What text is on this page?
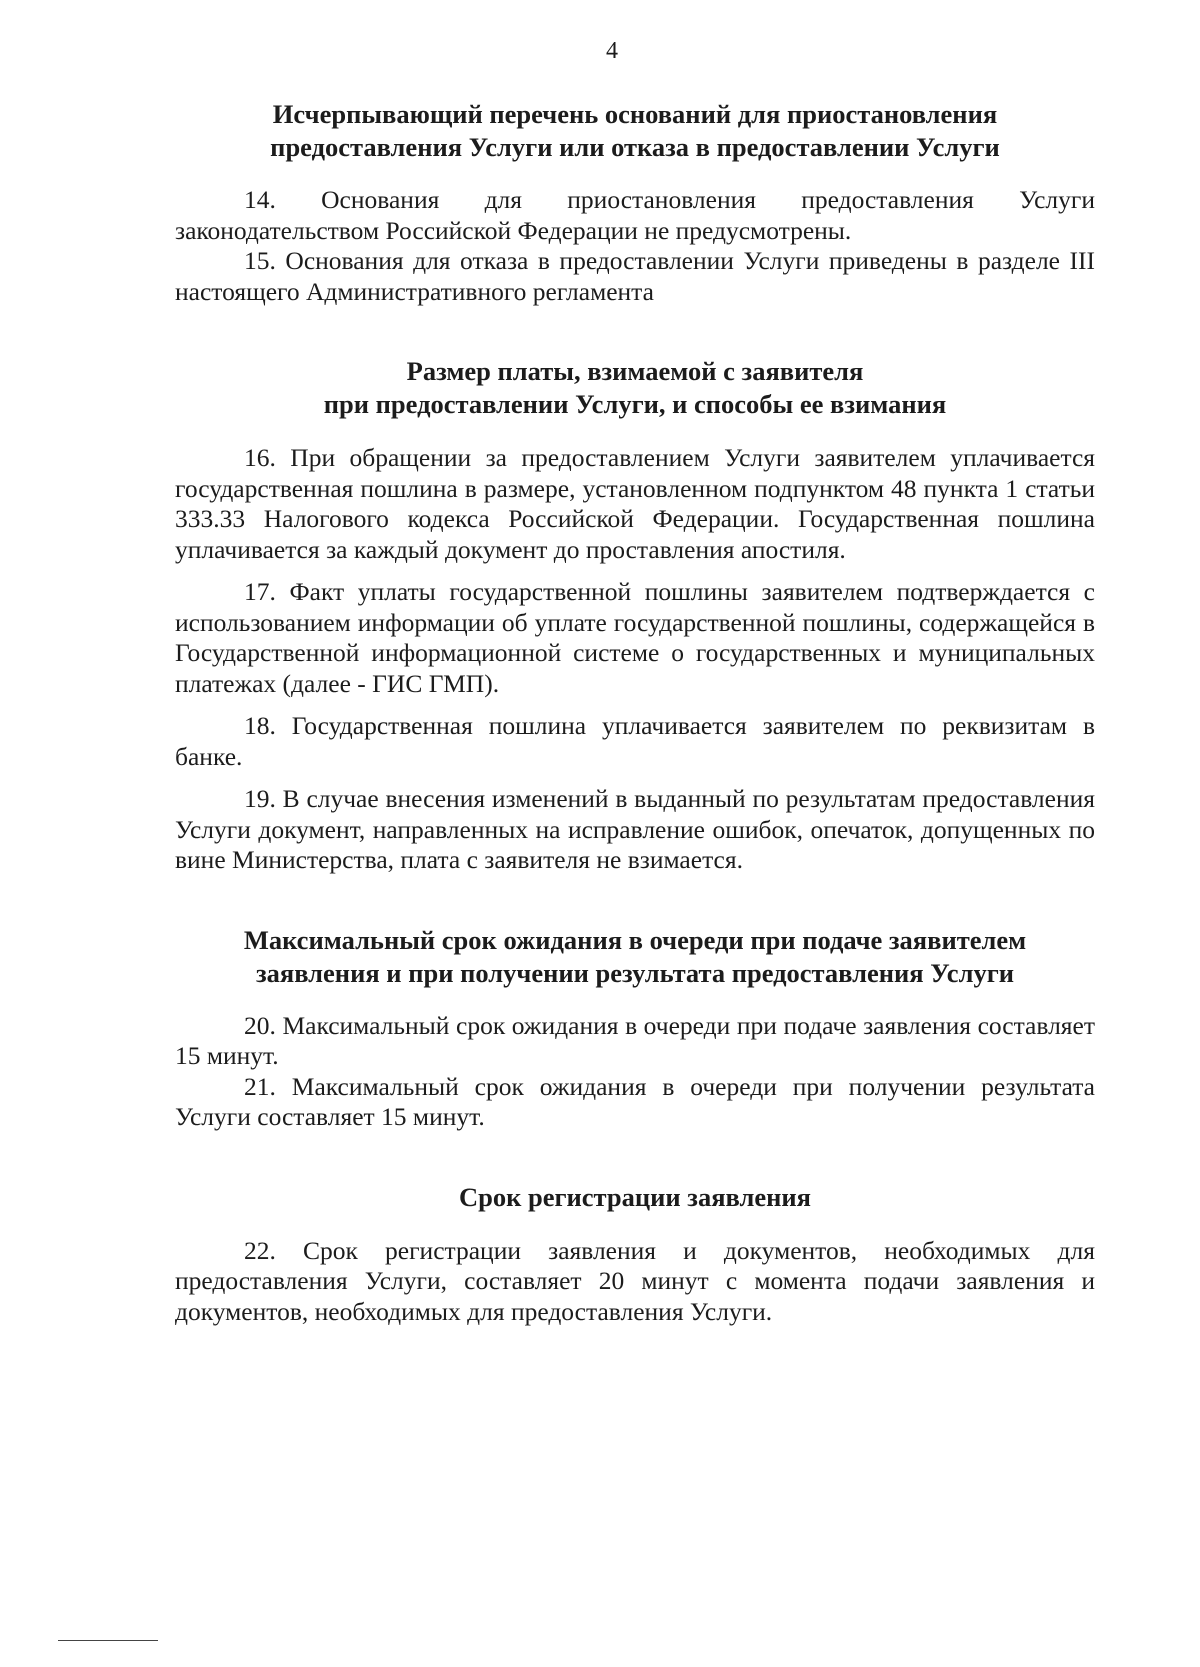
4
Исчерпывающий перечень оснований для приостановления
предоставления Услуги или отказа в предоставлении Услуги

14. Основания для приостановления предоставления Услуги законодательством Российской Федерации не предусмотрены.

15. Основания для отказа в предоставлении Услуги приведены в разделе III настоящего Административного регламента

Размер платы, взимаемой с заявителя
при предоставлении Услуги, и способы ее взимания

16. При обращении за предоставлением Услуги заявителем уплачивается государственная пошлина в размере, установленном подпунктом 48 пункта 1 статьи 333.33 Налогового кодекса Российской Федерации. Государственная пошлина уплачивается за каждый документ до проставления апостиля.

17. Факт уплаты государственной пошлины заявителем подтверждается с использованием информации об уплате государственной пошлины, содержащейся в Государственной информационной системе о государственных и муниципальных платежах (далее - ГИС ГМП).

18. Государственная пошлина уплачивается заявителем по реквизитам в банке.

19. В случае внесения изменений в выданный по результатам предоставления Услуги документ, направленных на исправление ошибок, опечаток, допущенных по вине Министерства, плата с заявителя не взимается.

Максимальный срок ожидания в очереди при подаче заявителем
заявления и при получении результата предоставления Услуги

20. Максимальный срок ожидания в очереди при подаче заявления составляет 15 минут.

21. Максимальный срок ожидания в очереди при получении результата Услуги составляет 15 минут.

Срок регистрации заявления

22. Срок регистрации заявления и документов, необходимых для предоставления Услуги, составляет 20 минут с момента подачи заявления и документов, необходимых для предоставления Услуги.
